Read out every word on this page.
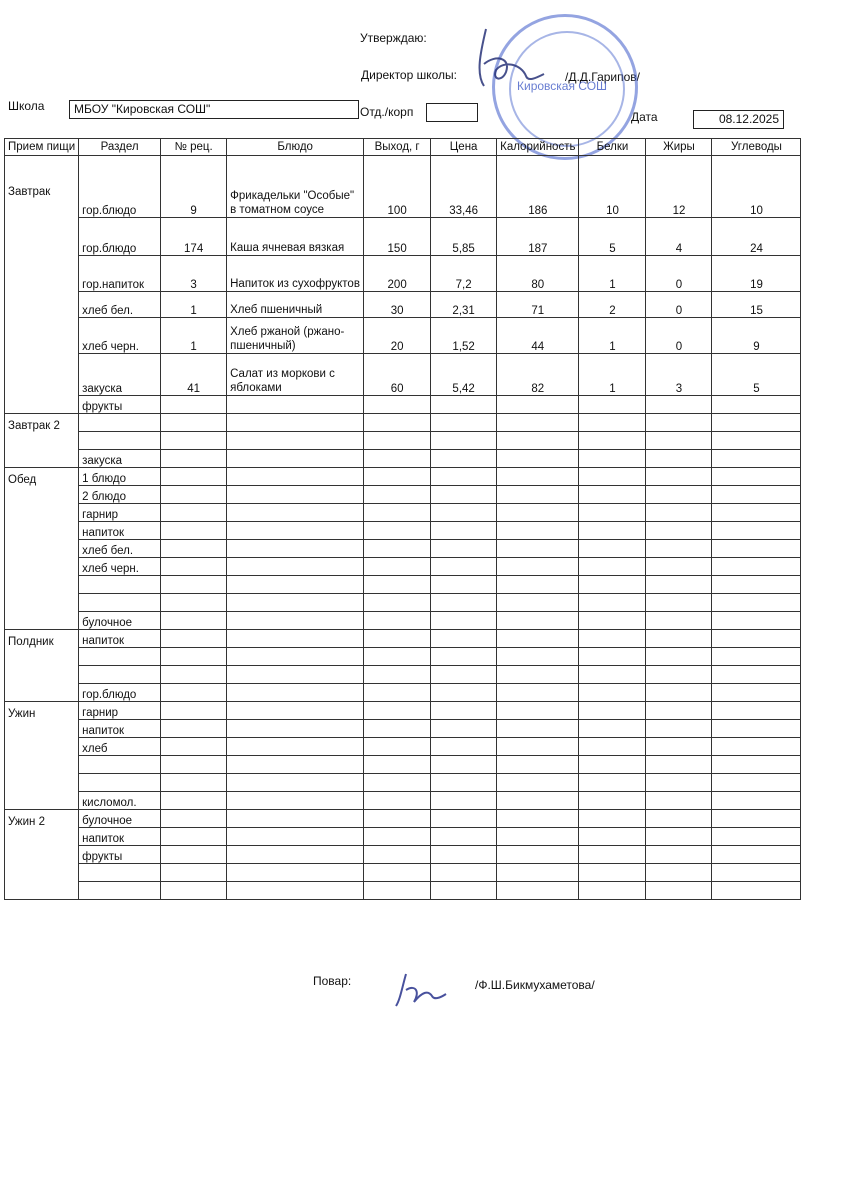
Утверждаю:
Директор школы:	/Д.Д.Гарипов/
Кировская СОШ
Школа	МБОУ "Кировская СОШ"	Отд./корп	Дата	08.12.2025
Прием пищи	Раздел	№ рец.	Блюдо	Выход, г	Цена	Калорийность	Белки	Жиры	Углеводы
Завтрак	гор.блюдо	9	Фрикадельки "Особые" в томатном соусе	100	33,46	186	10	12	10
	гор.блюдо	174	Каша ячневая вязкая	150	5,85	187	5	4	24
	гор.напиток	3	Напиток из сухофруктов	200	7,2	80	1	0	19
	хлеб бел.	1	Хлеб пшеничный	30	2,31	71	2	0	15
	хлеб черн.	1	Хлеб ржаной (ржано-пшеничный)	20	1,52	44	1	0	9
	закуска	41	Салат из моркови с яблоками	60	5,42	82	1	3	5
	фрукты								
Завтрак 2									

	закуска								
Обед	1 блюдо								
	2 блюдо								
	гарнир								
	напиток								
	хлеб бел.								
	хлеб черн.								

	булочное								
Полдник	напиток								

	гор.блюдо								
Ужин	гарнир								
	напиток								
	хлеб								

	кисломол.								
Ужин 2	булочное								
	напиток								
	фрукты								

Повар:	/Ф.Ш.Бикмухаметова/
